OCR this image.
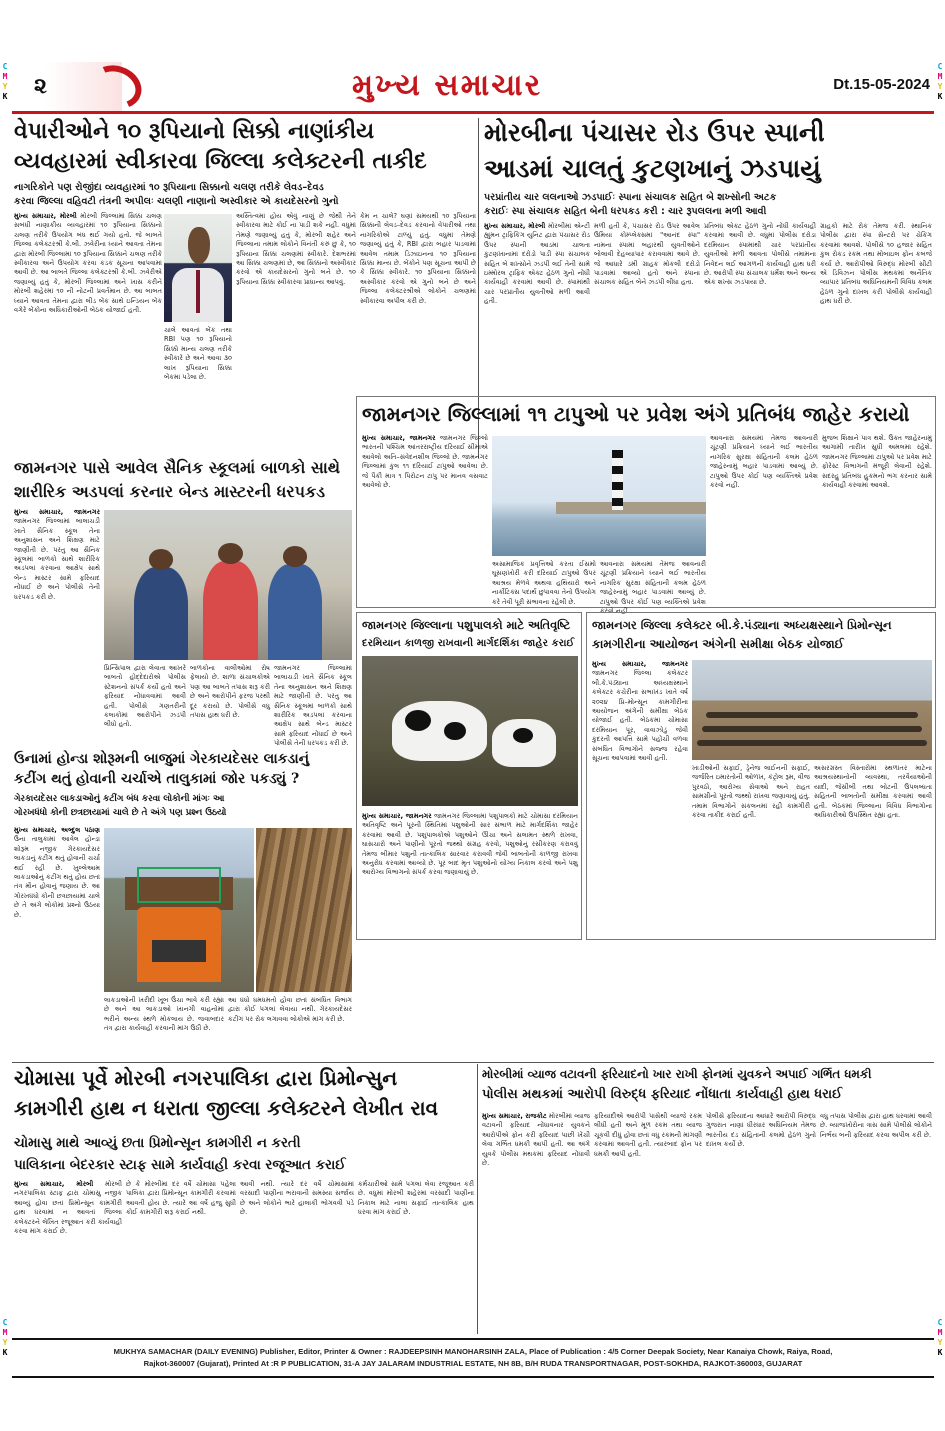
C
M
Y
K
C
M
Y
K
C
M
Y
K
C
M
Y
K
૨	મુખ્ય સમાચાર	Dt.15-05-2024
વેપારીઓને ૧૦ રૂપિયાનો સિક્કો નાણાંકીય
વ્યવહારમાં સ્વીકારવા જિલ્લા કલેક્ટરની તાકીદ
નાગરિકોને પણ રોજીંદા વ્યવહારમાં ૧૦ રૂપિયાના સિક્કાનો ચલણ તરીકે લેવડ–દેવડ
કરવા જિલ્લા વહિવટી તંત્રની અપીલઃ ચલણી નાણાનો અસ્વીકાર એ કાયદેસરનો ગુનો
મુખ્ય સમાચાર, મોરબી મોરબી જિલ્લામાં સિક્કા ચલણ સબંધી નાણાકીય વ્યવહારમાં ૧૦ રૂપિયાના સિક્કાનો ચલણ તરીકે ઉપયોગ બંધ થઈ ગયો હતો. જે બાબતે જિલ્લા કલેક્ટરશ્રી કે.બી. ઝવેરીના ધ્યાને આવતા તેમના દ્વારા મોરબી જિલ્લામાં ૧૦ રૂપિયાના સિક્કાને ચલણ તરીકે સ્વીકારવા અને ઉપયોગ કરવા કડક સૂચના આપવામાં આવી છે. આ બાબતે જિલ્લા કલેક્ટરશ્રી કે.બી. ઝવેરીએ જણાવ્યું હતું કે, મોરબી જિલ્લામાં અને ખાસ કરીને મોરબી શહેરમાં ૧૦ ની નોટની પ્રવર્તમાન છે. આ બાબત ધ્યાને આવતા તેમના દ્વારા લીડ બેંક સાથે ઇન્ડિયન બેંક વગેરે બેંકોના અધિકારીઓની બેઠક યોજાઈ હતી.
ચાલે આવતાં બેંક તથા RBI પણ ૧૦ રૂપિયાનો સિક્કો માન્ય ચલણ તરીકે સ્વીકારે છે અને આવા ૩૦ લાખ રૂપિયાના સિક્કા બેંકમાં પડેલા છે.
અસ્તિત્વમાં હોય એવું નાણું છે જેથી તેને સ્વીકારવા માટે કોઈ ના પાડી શકે નહીં. વધુમાં તેમણે જણાવ્યું હતું કે, મોરબી શહેર અને જિલ્લાના તમામ લોકોને વિનંતી કરું છું કે, ૧૦ રૂપિયાના સિક્કા ચલણમાં સ્વીકારે. દેશભરમાં આ સિક્કા ચલણમાં છે, આ સિક્કાનો અસ્વીકાર કરવો એ કાયદેસરનો ગુનો બને છે. ૧૦ રૂપિયાના સિક્કા સ્વીકારવા પ્રાધાન્ય આપવું.
કેમ ન ચાલે? ઘણાં સમયથી ૧૦ રૂપિયાના સિક્કાની લેવડ–દેવડ કરવાનો વેપારીઓ તથા નાગરિકોએ ટાળ્યું હતું. વધુમાં તેમણે જણાવ્યું હતું કે, RBI દ્વારા બહાર પાડવામાં આવેલ તમામ ડિઝાઇનના ૧૦ રૂપિયાના સિક્કા માન્ય છે. બેંકોને પણ સૂચના આપી છે કે સિક્કા સ્વીકારે. ૧૦ રૂપિયાના સિક્કાનો અસ્વીકાર કરવો એ ગુનો બને છે અને જિલ્લા કલેક્ટરશ્રીએ લોકોને ચલણમાં સ્વીકારવા અપીલ કરી છે.
મોરબીના પંચાસર રોડ ઉપર સ્પાની
આડમાં ચાલતું કુટણખાનું ઝડપાયું
પરપ્રાંતીય ચાર લલનાઓ ઝડપાઈઃ સ્પાના સંચાલક સહિત બે શખ્સોની અટક
કરાઈઃ સ્પા સંચાલક સહિત બેની ધરપકડ કરી : ચાર રૂપલલના મળી આવી
મુખ્ય સમાચાર, મોરબી મોરબીમાં એન્ટી હ્યુમન ટ્રાફિકિંગ યુનિટ દ્વારા પંચાસર રોડ ઉપર સ્પાની આડમાં ચાલતા કુટણખાનામાં દરોડો પાડી સ્પા સંચાલક સહિત બે શખ્સોને ઝડપી લઈ તેની સામે ઇમ્મોરલ ટ્રાફિક એક્ટ હેઠળ ગુનો નોંધી કાર્યવાહી કરવામાં આવી છે. સ્પામાંથી ચાર પરપ્રાંતીય યુવતીઓ મળી આવી હતી.
મળી હતી કે, પંચાસર રોડ ઉપર આવેલ ઉમિયા કોમ્પ્લેક્સમાં "આનંદ સ્પા" નામના સ્પામાં બહારથી યુવતીઓને બોલાવી દેહવ્યાપાર કરાવવામાં આવે છે. જે આધારે ડમી ગ્રાહક મોકલી દરોડો પાડવામાં આવ્યો હતો અને સ્પાના સંચાલક સહિત બેને ઝડપી લીધા હતા.
પ્રતિબંધ એક્ટ હેઠળ ગુનો નોંધી કાર્યવાહી કરવામાં આવી છે. વધુમાં પોલીસ દરોડા દરમિયાન સ્પામાંથી ચાર પરપ્રાંતીય યુવતીઓ મળી આવતા પોલીસે તમામના નિવેદન લઈ આગળની કાર્યવાહી હાથ ધરી છે. આરોપી સ્પા સંચાલક ધર્મેશ અને અન્ય એક શખ્સ ઝડપાયા છે.
ગ્રાહકો માટે રોક તેમજ કરી. સ્થાનિક પોલીસ દ્વારા સ્પા સેન્ટરો પર ચેકિંગ કરવામાં આવશે. પોલીસે ૧૦ હજાર સહિત કુલ રોકડ રકમ તથા મોબાઇલ ફોન કબજે કર્યા છે. આરોપીઓ વિરુદ્ધ મોરબી સીટી એ ડિવિઝન પોલીસ મથકમાં અનૈતિક વ્યાપાર પ્રતિબંધ અધિનિયમની વિવિધ કલમ હેઠળ ગુનો દાખલ કરી પોલીસે કાર્યવાહી હાથ ધરી છે.
જામનગર જિલ્લામાં ૧૧ ટાપુઓ પર પ્રવેશ અંગે પ્રતિબંધ જાહેર કરાયો
મુખ્ય સમાચાર, જામનગર જામનગર જિલ્લો ભારતની પશ્ચિમ આંતરરાષ્ટ્રીય દરિયાઈ સીમાએ આવેલો અતિ–સંવેદનશીલ જિલ્લો છે. જામનગર જિલ્લામાં કુલ ૧૧ દરિયાઈ ટાપુઓ આવેલા છે. જે પૈકી માત્ર ૧ પિરોટન ટાપુ પર માનવ વસવાટ આવેલો છે.
અસામાજિક પ્રવૃત્તિઓ કરતા ઈસમો ઘૂસણખોરી કરી દરિયાઈ ટાપુઓ ઉપર આશ્રય મેળવે અથવા હથિયારો અને નાર્કોટિક્સ પદાર્થ છુપાવવા તેનો ઉપયોગ કરે તેવી પૂરી સંભાવના રહેલી છે.
આવનારા સમયમાં તેમજ આવનારી ચૂંટણી પ્રક્રિયાને ધ્યાને લઈ ભારતીય નાગરિક સુરક્ષા સંહિતાની કલમ હેઠળ જાહેરનામું બહાર પાડવામાં આવ્યું છે. ટાપુઓ ઉપર કોઈ પણ વ્યક્તિએ પ્રવેશ કરવો નહીં.
આવનારા સમયમાં તેમજ આવનારી ચૂંટણી પ્રક્રિયાને ધ્યાને લઈ ભારતીય નાગરિક સુરક્ષા સંહિતાની કલમ હેઠળ જાહેરનામું બહાર પાડવામાં આવ્યું છે. ટાપુઓ ઉપર કોઈ પણ વ્યક્તિએ પ્રવેશ કરવો નહીં.
મુજબ શિક્ષાને પાત્ર થશે. ઉક્ત જાહેરનામું આગામી તારીખ સુધી અમલમાં રહેશે. જામનગર જિલ્લામાં ટાપુઓ પર પ્રવેશ માટે ફોરેસ્ટ વિભાગની મંજૂરી લેવાની રહેશે. સદરહુ પ્રતિબંધ હુકમનો ભંગ કરનાર સામે કાર્યવાહી કરવામાં આવશે.
જામનગર પાસે આવેલ સૈનિક સ્કૂલમાં બાળકો સાથે
શારીરિક અડપલાં કરનાર બેન્ડ માસ્ટરની ધરપકડ
મુખ્ય સમાચાર, જામનગર જામનગર જિલ્લામાં બાલાચડી ખાતે સૈનિક સ્કૂલ તેના અનુશાસન અને શિક્ષણ માટે જાણીતી છે. પરંતુ આ સૈનિક સ્કૂલમાં બાળકો સાથે શારીરિક અડપલાં કરવાના આક્ષેપ સાથે બેન્ડ માસ્ટર સામે ફરિયાદ નોંધાઈ છે અને પોલીસે તેની ધરપકડ કરી છે.
પ્રિન્સિપાલ દ્વારા લેવાતા આખરે બાબતો હોદ્દેદારોએ પોલીસ સ્ટેશનનો સંપર્ક કર્યો હતો અને ફરિયાદ નોંધાવવામાં આવી હતી. પોલીસે ગણતરીની કલાકોમાં આરોપીને ઝડપી લીધો હતો.
બાળકોના વાલીઓમાં રોષ ફેલાયો છે. શાળા સંચાલકોએ પણ આ બાબતે તપાસ શરૂ કરી છે અને આરોપીને ફરજ પરથી દૂર કરાયો છે. પોલીસે વધુ તપાસ હાથ ધરી છે.
જામનગર જિલ્લામાં બાલાચડી ખાતે સૈનિક સ્કૂલ તેના અનુશાસન અને શિક્ષણ માટે જાણીતી છે. પરંતુ આ સૈનિક સ્કૂલમાં બાળકો સાથે શારીરિક અડપલાં કરવાના આક્ષેપ સાથે બેન્ડ માસ્ટર સામે ફરિયાદ નોંધાઈ છે અને પોલીસે તેની ધરપકડ કરી છે.
જામનગર જિલ્લાના પશુપાલકો માટે અતિવૃષ્ટિ
દરમિયાન કાળજી રાખવાની માર્ગદર્શિકા જાહેર કરાઈ
મુખ્ય સમાચાર, જામનગર જામનગર જિલ્લામાં પશુપાલકો માટે ચોમાસા દરમિયાન અતિવૃષ્ટિ અને પૂરની સ્થિતિમાં પશુઓની સાર સંભાળ માટે માર્ગદર્શિકા જાહેર કરવામાં આવી છે. પશુપાલકોએ પશુઓને ઊંચા અને સલામત સ્થળે રાખવા, ઘાસચારો અને પાણીનો પૂરતો જથ્થો સંગ્રહ કરવો, પશુઓનું રસીકરણ કરાવવું તેમજ બીમાર પશુની તાત્કાલિક સારવાર કરાવવી જેવી બાબતોની કાળજી રાખવા અનુરોધ કરવામાં આવ્યો છે. પૂર બાદ મૃત પશુઓનો યોગ્ય નિકાલ કરવો અને પશુ આરોગ્ય વિભાગનો સંપર્ક કરવા જણાવાયું છે.
જામનગર જિલ્લા કલેક્ટર બી.કે.પંડ્યાના અધ્યક્ષસ્થાને પ્રિમોન્સૂન
કામગીરીના આયોજન અંગેની સમીક્ષા બેઠક યોજાઈ
મુખ્ય સમાચાર, જામનગર જામનગર જિલ્લા કલેક્ટર બી.કે.પંડ્યાના અધ્યક્ષસ્થાને કલેક્ટર કચેરીના સભાખંડ ખાતે વર્ષ ૨૦૨૪ પ્રિ–મોન્સૂન કામગીરીના આયોજન અંગેની સમીક્ષા બેઠક યોજાઈ હતી. બેઠકમાં ચોમાસા દરમિયાન પૂર, વાવાઝોડું જેવી કુદરતી આપત્તિ સામે પહોંચી વળવા સંબંધિત વિભાગોને સજ્જ રહેવા સૂચના આપવામાં આવી હતી.
ખાડીઓની સફાઈ, ડ્રેનેજ લાઈનની સફાઈ, જર્જરિત ઇમારતોની ઓળખ, કંટ્રોલ રૂમ, વીજ પુરવઠો, આરોગ્ય સેવાઓ અને રાહત સામગ્રીનો પૂરતો જથ્થો રાખવા જણાવાયું હતું. તમામ વિભાગોને સંકલનમાં રહી કામગીરી કરવા તાકીદ કરાઈ હતી.
અસરગ્રસ્ત વિસ્તારોમાં સ્થળાંતર માટેના આશ્રયસ્થાનોની વ્યવસ્થા, તરવૈયાઓની યાદી, જેસીબી તથા બોટની ઉપલબ્ધતા સહિતની બાબતોની સમીક્ષા કરવામાં આવી હતી. બેઠકમાં જિલ્લાના વિવિધ વિભાગોના અધિકારીઓ ઉપસ્થિત રહ્યા હતા.
ઉનામાં હોન્ડા શોરૂમની બાજુમાં ગેરકાયદેસર લાકડાનું
કટીંગ થતું હોવાની ચર્ચાએ તાલુકામાં જોર પકડ્યું ?
ગેરકાયદેસર લાકડાઓનું કટીંગ બંધ કરવા લોકોની માંગઃ આ
ગોરખધંધો કોની છત્રછાયામાં ચાલે છે તે અંગે પણ પ્રશ્ન ઉઠયો
મુખ્ય સમાચાર, અબ્દુલ પઠાણ ઉના તાલુકામાં આવેલ હોન્ડા શોરૂમ નજીક ગેરકાયદેસર લાકડાનું કટીંગ થતું હોવાની ચર્ચા થઈ રહી છે. ખુલ્લેઆમ લાકડાઓનું કટીંગ થતું હોય છતાં તંત્ર મૌન હોવાનું જણાય છે. આ ગોરખધંધો કોની છત્રછાયામાં ચાલે છે તે અંગે લોકોમાં પ્રશ્નો ઉઠયા છે.
લાકડાઓની ખરીદી ખૂબ ઉંચા ભાવે કરી રહ્યા છે અને આ લાકડાઓ ખાનગી વાહનોમાં ભરીને અન્ય સ્થળે મોકલાય છે. જવાબદાર તંત્ર દ્વારા કાર્યવાહી કરવાની માંગ ઉઠી છે.
આ ધંધો ધમધમતો હોવા છતાં સંબંધિત વિભાગ દ્વારા કોઈ પગલાં લેવાયા નથી. ગેરકાયદેસર કટીંગ પર રોક લગાવવા લોકોએ માંગ કરી છે.
ચોમાસા પૂર્વે મોરબી નગરપાલિકા દ્વારા પ્રિમોન્સુન
કામગીરી હાથ ન ધરાતા જીલ્લા કલેક્ટરને લેખીત રાવ
ચોમાસુ માથે આવ્યું છતા પ્રિમોન્સૂન કામગીરી ન કરતી
પાલિકાના બેદરકાર સ્ટાફ સામે કાર્યવાહી કરવા રજૂઆત કરાઈ
મુખ્ય સમાચાર, મોરબી મોરબી નગરપાલિકા સ્ટાફ દ્વારા ચોમાસુ નજીક આવ્યું હોવા છતાં પ્રિમોન્સૂન કામગીરી હાથ ધરવામાં ન આવતાં જિલ્લા કલેક્ટરને લેખિત રજૂઆત કરી કાર્યવાહી કરવા માંગ કરાઈ છે.
છે કે મોરબીમાં દર વર્ષે ચોમાસા પહેલા પાલિકા દ્વારા પ્રિમોન્સૂન કામગીરી કરવામાં આવતી હોય છે. ત્યારે આ વર્ષે હજુ સુધી કોઈ કામગીરી શરૂ કરાઈ નથી.
આવી નથી. ત્યારે દર વર્ષે ચોમાસામાં વરસાદી પાણીના ભરાવાની સમસ્યા સર્જાય છે અને લોકોને ભારે હાલાકી ભોગવવી પડે છે.
કર્મચારીઓ સામે પગલાં લેવા રજૂઆત કરી છે. વધુમાં મોરબી શહેરમાં વરસાદી પાણીના નિકાલ માટે નાલા સફાઈ તાત્કાલિક હાથ ધરવા માંગ કરાઈ છે.
મોરબીમાં વ્યાજ વટાવની ફરિયાદનો ખાર રાખી ફોનમાં યુવકને અપાઈ ગર્ભિત ધમકી
પોલીસ મથકમાં આરોપી વિરુદ્ધ ફરિયાદ નોંધાતા કાર્યવાહી હાથ ધરાઈ
મુખ્ય સમાચાર, રાજકોટ મોરબીમાં વ્યાજ વટાવની ફરિયાદ નોંધાવનાર યુવકને આરોપીએ ફોન કરી ફરિયાદ પાછી ખેંચી લેવા ગર્ભિત ધમકી આપી હતી. આ અંગે યુવકે પોલીસ મથકમાં ફરિયાદ નોંધાવી છે.
ફરિયાદીએ આરોપી પાસેથી વ્યાજે રકમ લીધી હતી અને મૂળ રકમ તથા વ્યાજ ચૂકવી દીધું હોવા છતાં વધુ રકમની માંગણી કરવામાં આવતી હતી. ત્યારબાદ ફોન પર ધમકી આપી હતી.
પોલીસે ફરિયાદના આધારે આરોપી વિરુદ્ધ ગુજરાત નાણાં ધીરધાર અધિનિયમ તેમજ ભારતીય દંડ સંહિતાની કલમો હેઠળ ગુનો દાખલ કર્યો છે.
વધુ તપાસ પોલીસ દ્વારા હાથ ધરવામાં આવી છે. વ્યાજખોરોના ત્રાસ સામે પોલીસે લોકોને નિર્ભય બની ફરિયાદ કરવા અપીલ કરી છે.

MUKHYA SAMACHAR (DAILY EVENING) Publisher, Editor, Printer & Owner : RAJDEEPSINH MANOHARSINH ZALA, Place of Publication : 4/5 Corner Deepak Society, Near Kanaiya Chowk, Raiya, Road,

Rajkot-360007 (Gujarat), Printed At :R P PUBLICATION, 31-A JAY JALARAM INDUSTRIAL ESTATE, NH 8B, B/H RUDA TRANSPORTNAGAR, POST-SOKHDA, RAJKOT-360003, GUJARAT
